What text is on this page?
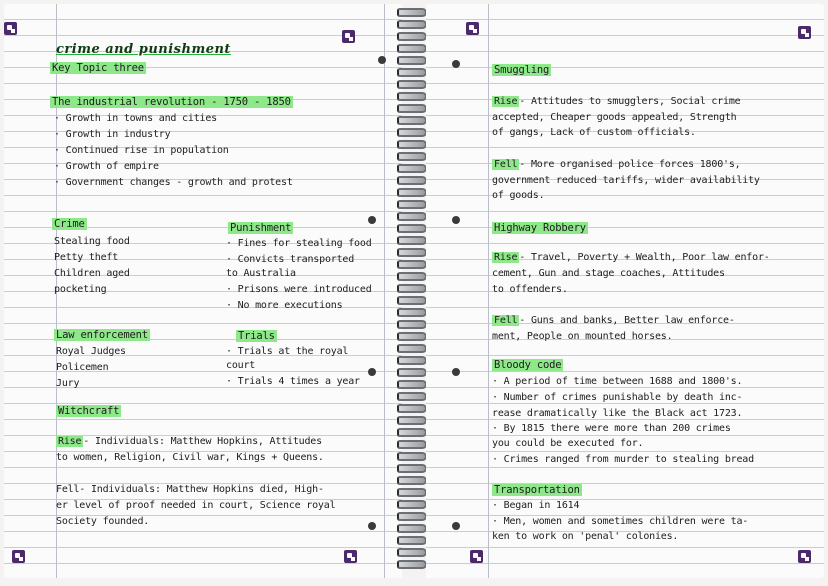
crime and punishment
Key Topic three
The industrial revolution - 1750 - 1850
· Growth in towns and cities
· Growth in industry
· Continued rise in population
· Growth of empire
· Government changes - growth and protest
Crime
Stealing food
Petty theft
Children aged
pocketing
Punishment
· Fines for stealing food
· Convicts transported
to Australia
· Prisons were introduced
· No more executions
Law enforcement
Royal Judges
Policemen
Jury
Trials
· Trials at the royal
court
· Trials 4 times a year
Witchcraft
Rise - Individuals: Matthew Hopkins, Attitudes
to women, Religion, Civil war, Kings + Queens.
Fell- Individuals: Matthew Hopkins died, High-
er level of proof needed in court, Science royal
Society founded.
Smuggling
Rise - Attitudes to smugglers, Social crime
accepted, Cheaper goods appealed, Strength
of gangs, Lack of custom officials.
Fell - More organised police forces 1800's,
government reduced tariffs, wider availability
of goods.
Highway Robbery
Rise - Travel, Poverty + Wealth, Poor law enfor-
cement, Gun and stage coaches, Attitudes
to offenders.
Fell - Guns and banks, Better law enforce-
ment, People on mounted horses.
Bloody code
· A period of time between 1688 and 1800's.
· Number of crimes punishable by death inc-
rease dramatically like the Black act 1723.
· By 1815 there were more than 200 crimes
you could be executed for.
· Crimes ranged from murder to stealing bread
Transportation
· Began in 1614
· Men, women and sometimes children were ta-
ken to work on 'penal' colonies.
